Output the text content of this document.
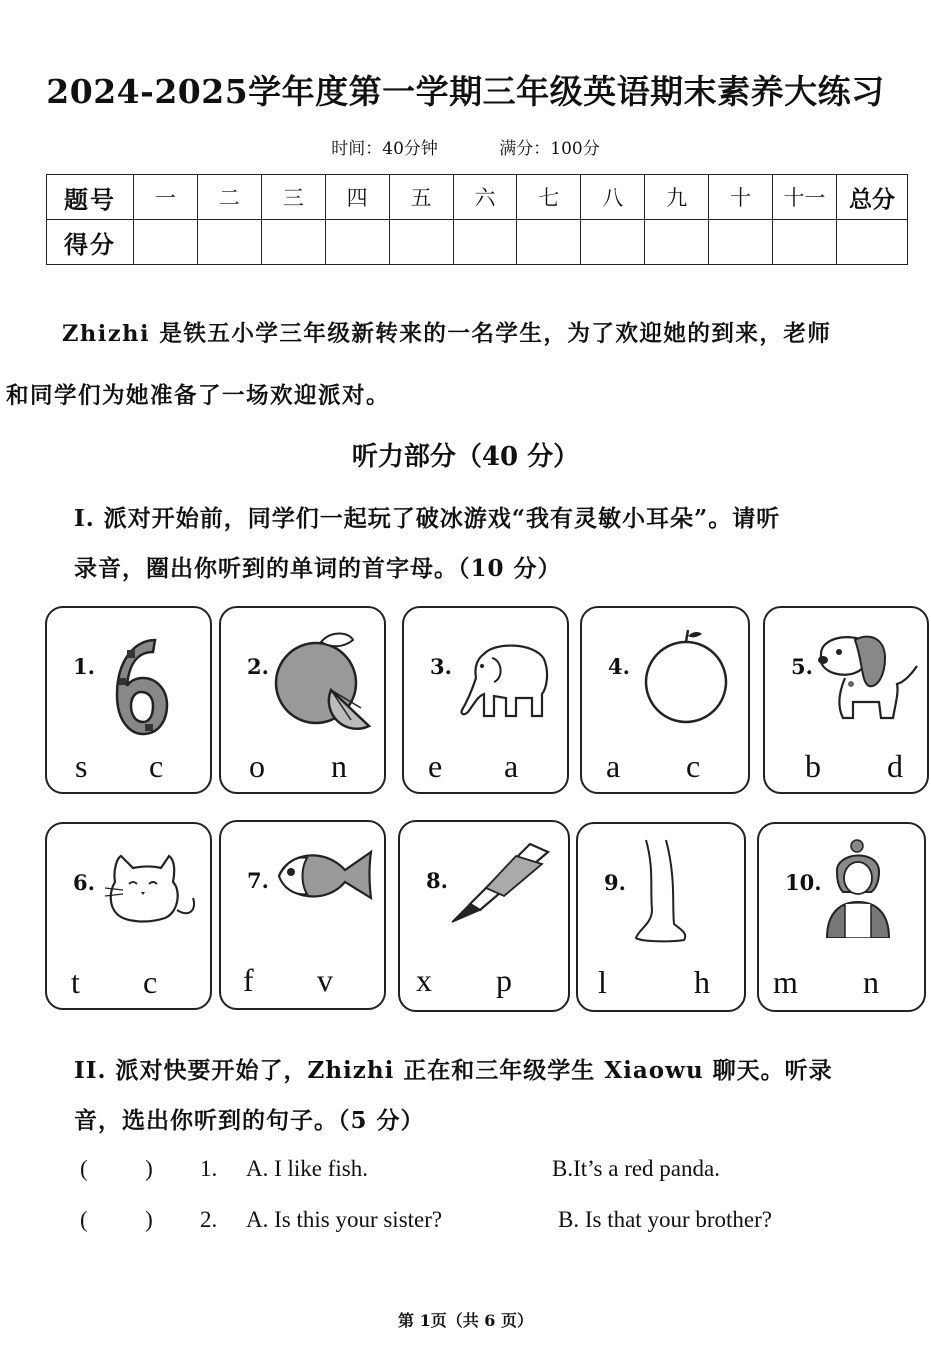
2024-2025学年度第一学期三年级英语期末素养大练习
时间：40分钟	满分：100分
题号	一	二	三	四	五	六	七	八	九	十	十一	总分
得分												
Zhizhi 是铁五小学三年级新转来的一名学生，为了欢迎她的到来，老师
和同学们为她准备了一场欢迎派对。
听力部分（40 分）
I. 派对开始前，同学们一起玩了破冰游戏“我有灵敏小耳朵”。请听
录音，圈出你听到的单词的首字母。（10 分）
1.
s c
2.
o n
3.
e a
4.
a c
5.
b d
6.
t c
7.
f v
8.
x p
9.
l	h
10.
m n
II. 派对快要开始了，Zhizhi 正在和三年级学生 Xiaowu 聊天。听录
音，选出你听到的句子。（5 分）
(          ) 1. A. I like fish.	B.It’s a red panda.
(          ) 2. A. Is this your sister?	B. Is that your brother?
第 1页（共 6 页）
